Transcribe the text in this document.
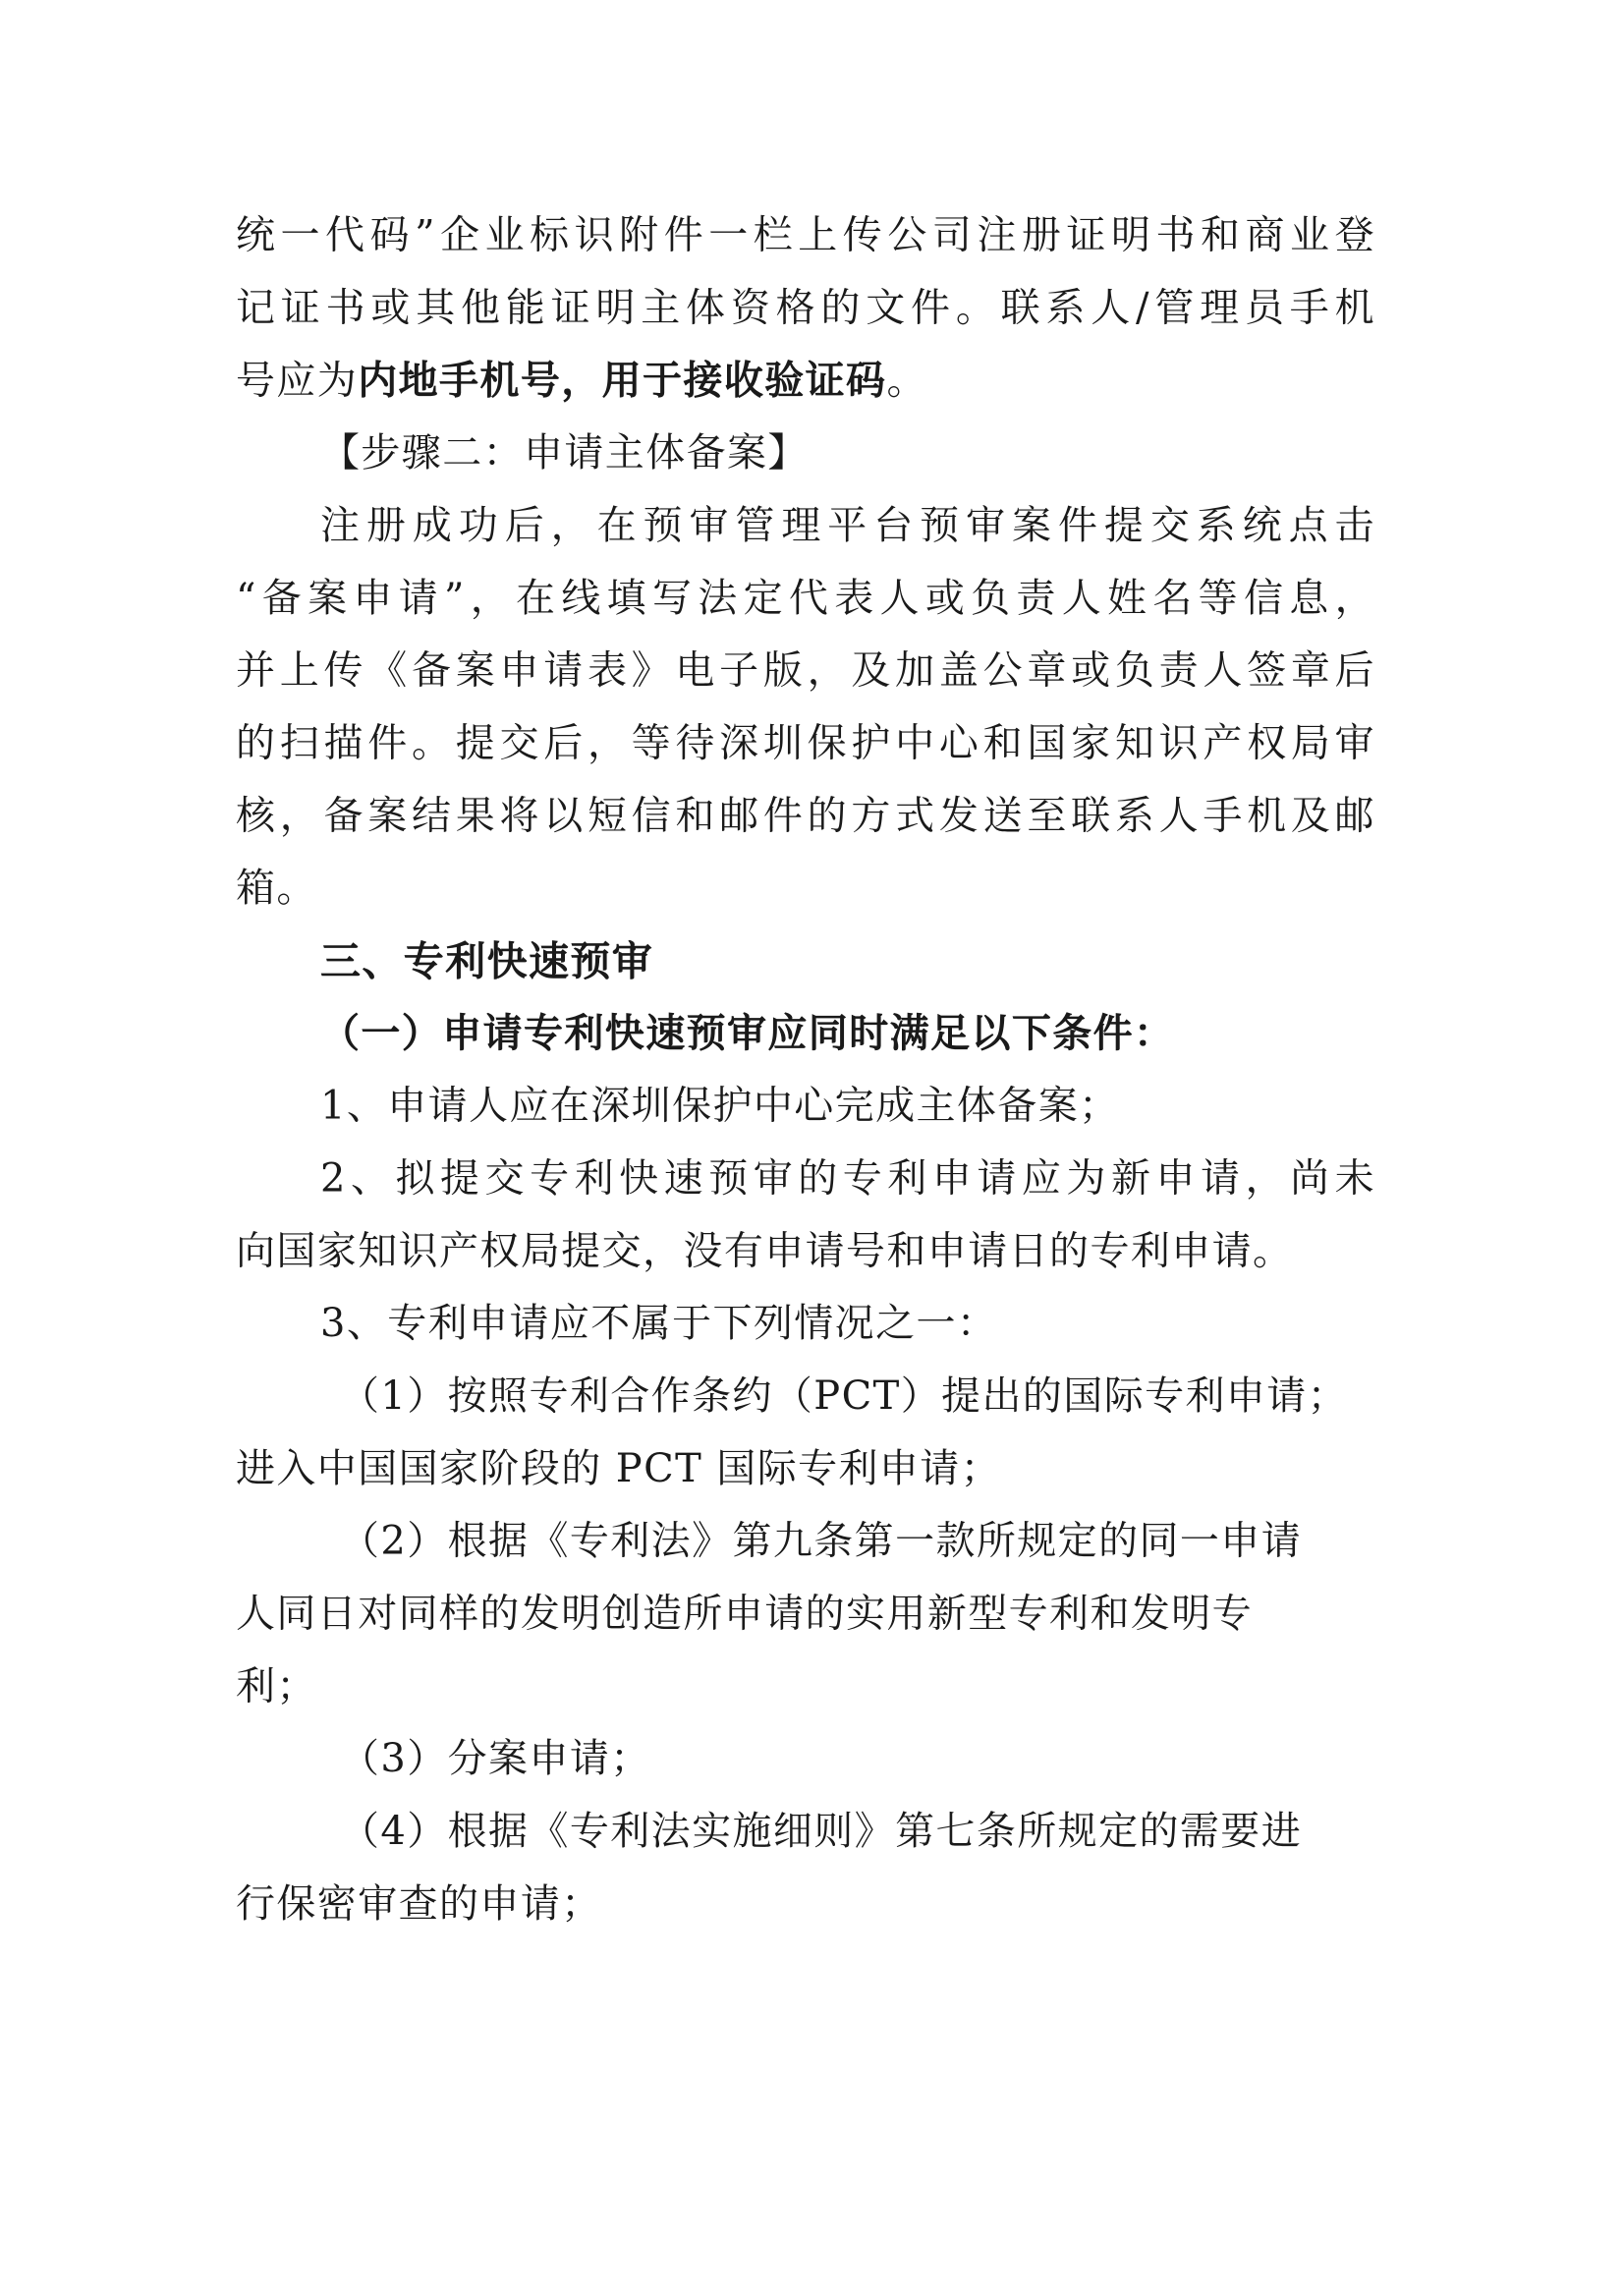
统一代码”企业标识附件一栏上传公司注册证明书和商业登
记证书或其他能证明主体资格的文件。联系人/管理员手机
号应为内地手机号，用于接收验证码。
【步骤二：申请主体备案】
注册成功后，在预审管理平台预审案件提交系统点击
“备案申请”，在线填写法定代表人或负责人姓名等信息，
并上传《备案申请表》电子版，及加盖公章或负责人签章后
的扫描件。提交后，等待深圳保护中心和国家知识产权局审
核，备案结果将以短信和邮件的方式发送至联系人手机及邮
箱。
三、专利快速预审
（一）申请专利快速预审应同时满足以下条件：
1、申请人应在深圳保护中心完成主体备案；
2、拟提交专利快速预审的专利申请应为新申请，尚未
向国家知识产权局提交，没有申请号和申请日的专利申请。
3、专利申请应不属于下列情况之一：
（1）按照专利合作条约（PCT）提出的国际专利申请；
进入中国国家阶段的 PCT 国际专利申请；
（2）根据《专利法》第九条第一款所规定的同一申请
人同日对同样的发明创造所申请的实用新型专利和发明专
利；
（3）分案申请；
（4）根据《专利法实施细则》第七条所规定的需要进
行保密审查的申请；
